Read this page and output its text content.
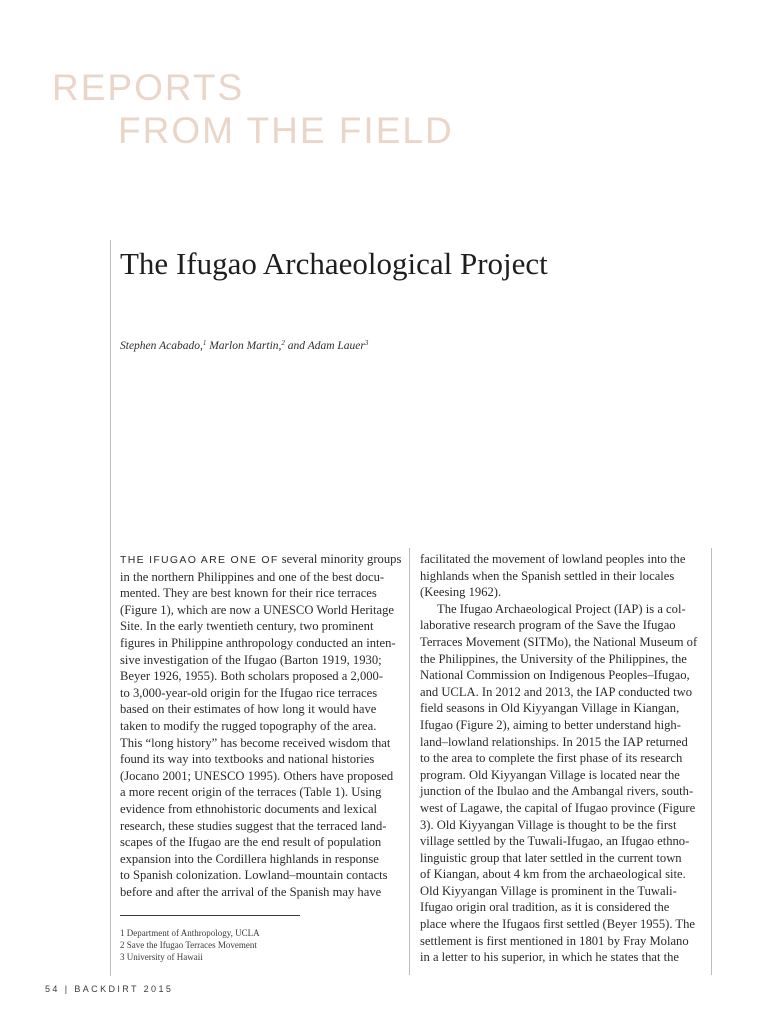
REPORTS
FROM THE FIELD
The Ifugao Archaeological Project
Stephen Acabado,$^1$ Marlon Martin,$^2$ and Adam Lauer$^3$
THE IFUGAO ARE ONE OF several minority groups
in the northern Philippines and one of the best docu-
mented. They are best known for their rice terraces
(Figure 1), which are now a UNESCO World Heritage
Site. In the early twentieth century, two prominent
figures in Philippine anthropology conducted an inten-
sive investigation of the Ifugao (Barton 1919, 1930;
Beyer 1926, 1955). Both scholars proposed a 2,000-
to 3,000-year-old origin for the Ifugao rice terraces
based on their estimates of how long it would have
taken to modify the rugged topography of the area.
This “long history” has become received wisdom that
found its way into textbooks and national histories
(Jocano 2001; UNESCO 1995). Others have proposed
a more recent origin of the terraces (Table 1). Using
evidence from ethnohistoric documents and lexical
research, these studies suggest that the terraced land-
scapes of the Ifugao are the end result of population
expansion into the Cordillera highlands in response
to Spanish colonization. Lowland–mountain contacts
before and after the arrival of the Spanish may have
facilitated the movement of lowland peoples into the
highlands when the Spanish settled in their locales
(Keesing 1962).
The Ifugao Archaeological Project (IAP) is a col-
laborative research program of the Save the Ifugao
Terraces Movement (SITMo), the National Museum of
the Philippines, the University of the Philippines, the
National Commission on Indigenous Peoples–Ifugao,
and UCLA. In 2012 and 2013, the IAP conducted two
field seasons in Old Kiyyangan Village in Kiangan,
Ifugao (Figure 2), aiming to better understand high-
land–lowland relationships. In 2015 the IAP returned
to the area to complete the first phase of its research
program. Old Kiyyangan Village is located near the
junction of the Ibulao and the Ambangal rivers, south-
west of Lagawe, the capital of Ifugao province (Figure
3). Old Kiyyangan Village is thought to be the first
village settled by the Tuwali-Ifugao, an Ifugao ethno-
linguistic group that later settled in the current town
of Kiangan, about 4 km from the archaeological site.
Old Kiyyangan Village is prominent in the Tuwali-
Ifugao origin oral tradition, as it is considered the
place where the Ifugaos first settled (Beyer 1955). The
settlement is first mentioned in 1801 by Fray Molano
in a letter to his superior, in which he states that the
1 Department of Anthropology, UCLA
2 Save the Ifugao Terraces Movement
3 University of Hawaii
54 | BACKDIRT 2015
